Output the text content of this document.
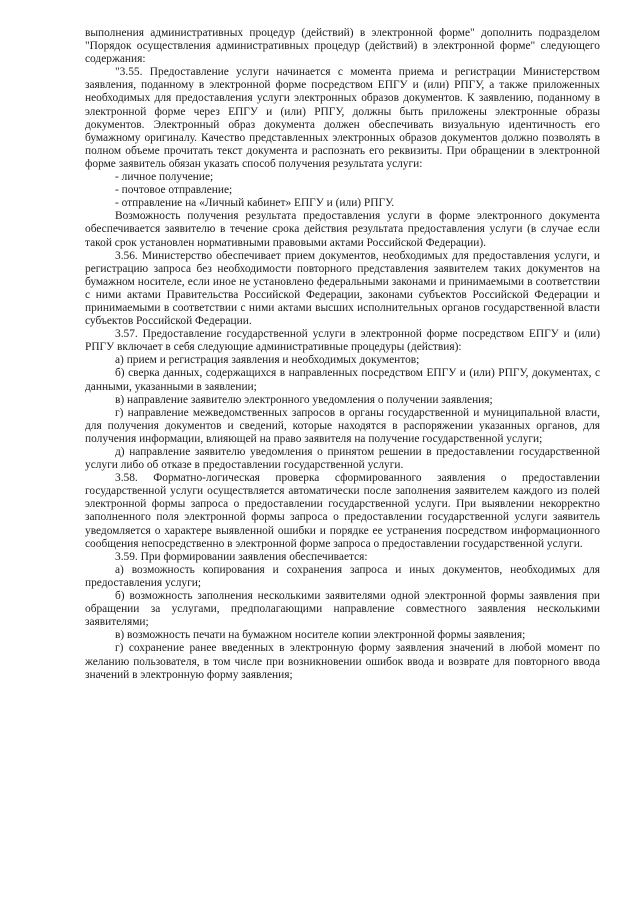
выполнения административных процедур (действий) в электронной форме" дополнить подразделом "Порядок осуществления административных процедур (действий) в электронной форме" следующего содержания:

"3.55. Предоставление услуги начинается с момента приема и регистрации Министерством заявления, поданному в электронной форме посредством ЕПГУ и (или) РПГУ, а также приложенных необходимых для предоставления услуги электронных образов документов. К заявлению, поданному в электронной форме через ЕПГУ и (или) РПГУ, должны быть приложены электронные образы документов. Электронный образ документа должен обеспечивать визуальную идентичность его бумажному оригиналу. Качество представленных электронных образов документов должно позволять в полном объеме прочитать текст документа и распознать его реквизиты. При обращении в электронной форме заявитель обязан указать способ получения результата услуги:

- личное получение;

- почтовое отправление;

- отправление на «Личный кабинет» ЕПГУ и (или) РПГУ.

Возможность получения результата предоставления услуги в форме электронного документа обеспечивается заявителю в течение срока действия результата предоставления услуги (в случае если такой срок установлен нормативными правовыми актами Российской Федерации).

3.56. Министерство обеспечивает прием документов, необходимых для предоставления услуги, и регистрацию запроса без необходимости повторного представления заявителем таких документов на бумажном носителе, если иное не установлено федеральными законами и принимаемыми в соответствии с ними актами Правительства Российской Федерации, законами субъектов Российской Федерации и принимаемыми в соответствии с ними актами высших исполнительных органов государственной власти субъектов Российской Федерации.

3.57. Предоставление государственной услуги в электронной форме посредством ЕПГУ и (или) РПГУ включает в себя следующие административные процедуры (действия):

а) прием и регистрация заявления и необходимых документов;

б) сверка данных, содержащихся в направленных посредством ЕПГУ и (или) РПГУ, документах, с данными, указанными в заявлении;

в) направление заявителю электронного уведомления о получении заявления;

г) направление межведомственных запросов в органы государственной и муниципальной власти, для получения документов и сведений, которые находятся в распоряжении указанных органов, для получения информации, влияющей на право заявителя на получение государственной услуги;

д) направление заявителю уведомления о принятом решении в предоставлении государственной услуги либо об отказе в предоставлении государственной услуги.

3.58. Форматно-логическая проверка сформированного заявления о предоставлении государственной услуги осуществляется автоматически после заполнения заявителем каждого из полей электронной формы запроса о предоставлении государственной услуги. При выявлении некорректно заполненного поля электронной формы запроса о предоставлении государственной услуги заявитель уведомляется о характере выявленной ошибки и порядке ее устранения посредством информационного сообщения непосредственно в электронной форме запроса о предоставлении государственной услуги.

3.59. При формировании заявления обеспечивается:

а) возможность копирования и сохранения запроса и иных документов, необходимых для предоставления услуги;

б) возможность заполнения несколькими заявителями одной электронной формы заявления при обращении за услугами, предполагающими направление совместного заявления несколькими заявителями;

в) возможность печати на бумажном носителе копии электронной формы заявления;

г) сохранение ранее введенных в электронную форму заявления значений в любой момент по желанию пользователя, в том числе при возникновении ошибок ввода и возврате для повторного ввода значений в электронную форму заявления;
